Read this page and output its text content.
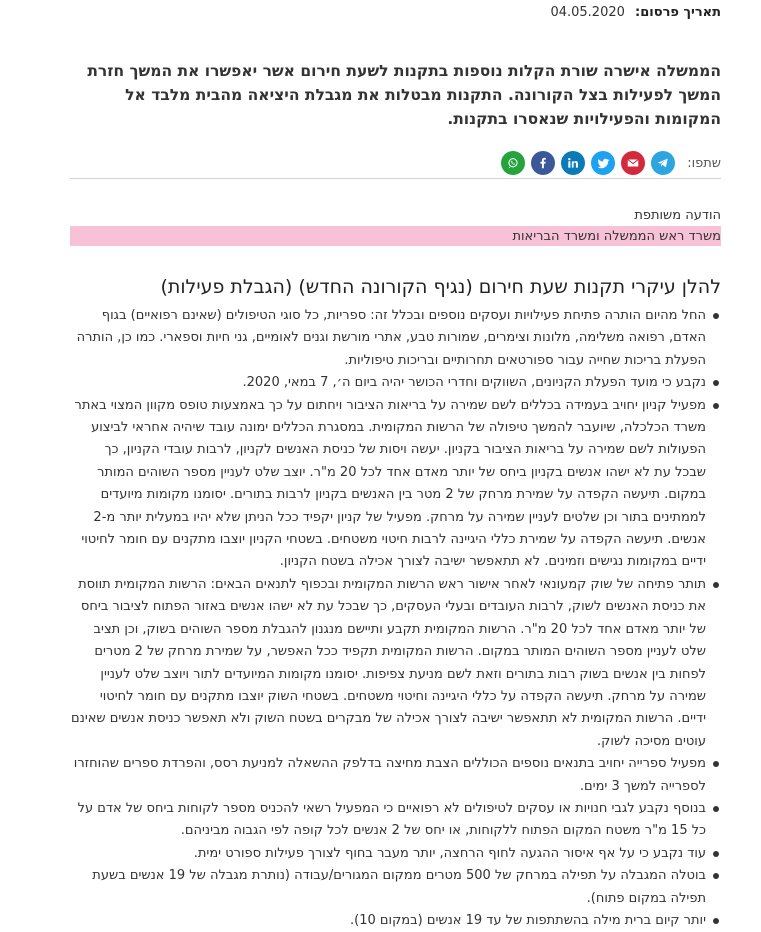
תאריך פרסום: 04.05.2020
הממשלה אישרה שורת הקלות נוספות בתקנות לשעת חירום אשר יאפשרו את המשך חזרת המשך לפעילות בצל הקורונה. התקנות מבטלות את מגבלת היציאה מהבית מלבד אל המקומות והפעילויות שנאסרו בתקנות.
שתפו:
הודעה משותפת
משרד ראש הממשלה ומשרד הבריאות
להלן עיקרי תקנות שעת חירום (נגיף הקורונה החדש) (הגבלת פעילות)
החל מהיום הותרה פתיחת פעילויות ועסקים נוספים ובכלל זה: ספריות, כל סוגי הטיפולים (שאינם רפואיים) בגוף האדם, רפואה משלימה, מלונות וצימרים, שמורות טבע, אתרי מורשת וגנים לאומיים, גני חיות וספארי. כמו כן, הותרה הפעלת בריכות שחייה עבור ספורטאים תחרותיים ובריכות טיפוליות.
נקבע כי מועד הפעלת הקניונים, השווקים וחדרי הכושר יהיה ביום ה׳, 7 במאי, 2020.
מפעיל קניון יחויב בעמידה בכללים לשם שמירה על בריאות הציבור ויחתום על כך באמצעות טופס מקוון המצוי באתר משרד הכלכלה, שיועבר להמשך טיפולה של הרשות המקומית. במסגרת הכללים ימונה עובד שיהיה אחראי לביצוע הפעולות לשם שמירה על בריאות הציבור בקניון. יעשה ויסות של כניסת האנשים לקניון, לרבות עובדי הקניון, כך שבכל עת לא ישהו אנשים בקניון ביחס של יותר מאדם אחד לכל 20 מ"ר. יוצב שלט לעניין מספר השוהים המותר במקום. תיעשה הקפדה על שמירת מרחק של 2 מטר בין האנשים בקניון לרבות בתורים. יסומנו מקומות מיועדים לממתינים בתור וכן שלטים לעניין שמירה על מרחק. מפעיל של קניון יקפיד ככל הניתן שלא יהיו במעלית יותר מ-2 אנשים. תיעשה הקפדה על שמירת כללי היגיינה לרבות חיטוי משטחים. בשטחי הקניון יוצבו מתקנים עם חומר לחיטוי ידיים במקומות נגישים וזמינים. לא תתאפשר ישיבה לצורך אכילה בשטח הקניון.
תותר פתיחה של שוק קמעונאי לאחר אישור ראש הרשות המקומית ובכפוף לתנאים הבאים: הרשות המקומית תווסת את כניסת האנשים לשוק, לרבות העובדים ובעלי העסקים, כך שבכל עת לא ישהו אנשים באזור הפתוח לציבור ביחס של יותר מאדם אחד לכל 20 מ"ר. הרשות המקומית תקבע ותיישם מנגנון להגבלת מספר השוהים בשוק, וכן תציב שלט לעניין מספר השוהים המותר במקום. הרשות המקומית תקפיד ככל האפשר, על שמירת מרחק של 2 מטרים לפחות בין אנשים בשוק רבות בתורים וזאת לשם מניעת צפיפות. יסומנו מקומות המיועדים לתור ויוצב שלט לעניין שמירה על מרחק. תיעשה הקפדה על כללי היגיינה וחיטוי משטחים. בשטחי השוק יוצבו מתקנים עם חומר לחיטוי ידיים. הרשות המקומית לא תתאפשר ישיבה לצורך אכילה של מבקרים בשטח השוק ולא תאפשר כניסת אנשים שאינם עוטים מסיכה לשוק.
מפעיל ספרייה יחויב בתנאים נוספים הכוללים הצבת מחיצה בדלפק ההשאלה למניעת רסס, והפרדת ספרים שהוחזרו לספרייה למשך 3 ימים.
בנוסף נקבע לגבי חנויות או עסקים לטיפולים לא רפואיים כי המפעיל רשאי להכניס מספר לקוחות ביחס של אדם על כל 15 מ"ר משטח המקום הפתוח ללקוחות, או יחס של 2 אנשים לכל קופה לפי הגבוה מביניהם.
עוד נקבע כי על אף איסור ההגעה לחוף הרחצה, יותר מעבר בחוף לצורך פעילות ספורט ימית.
בוטלה המגבלה על תפילה במרחק של 500 מטרים ממקום המגורים/עבודה (נותרת מגבלה של 19 אנשים בשעת תפילה במקום פתוח).
יותר קיום ברית מילה בהשתתפות של עד 19 אנשים (במקום 10).
